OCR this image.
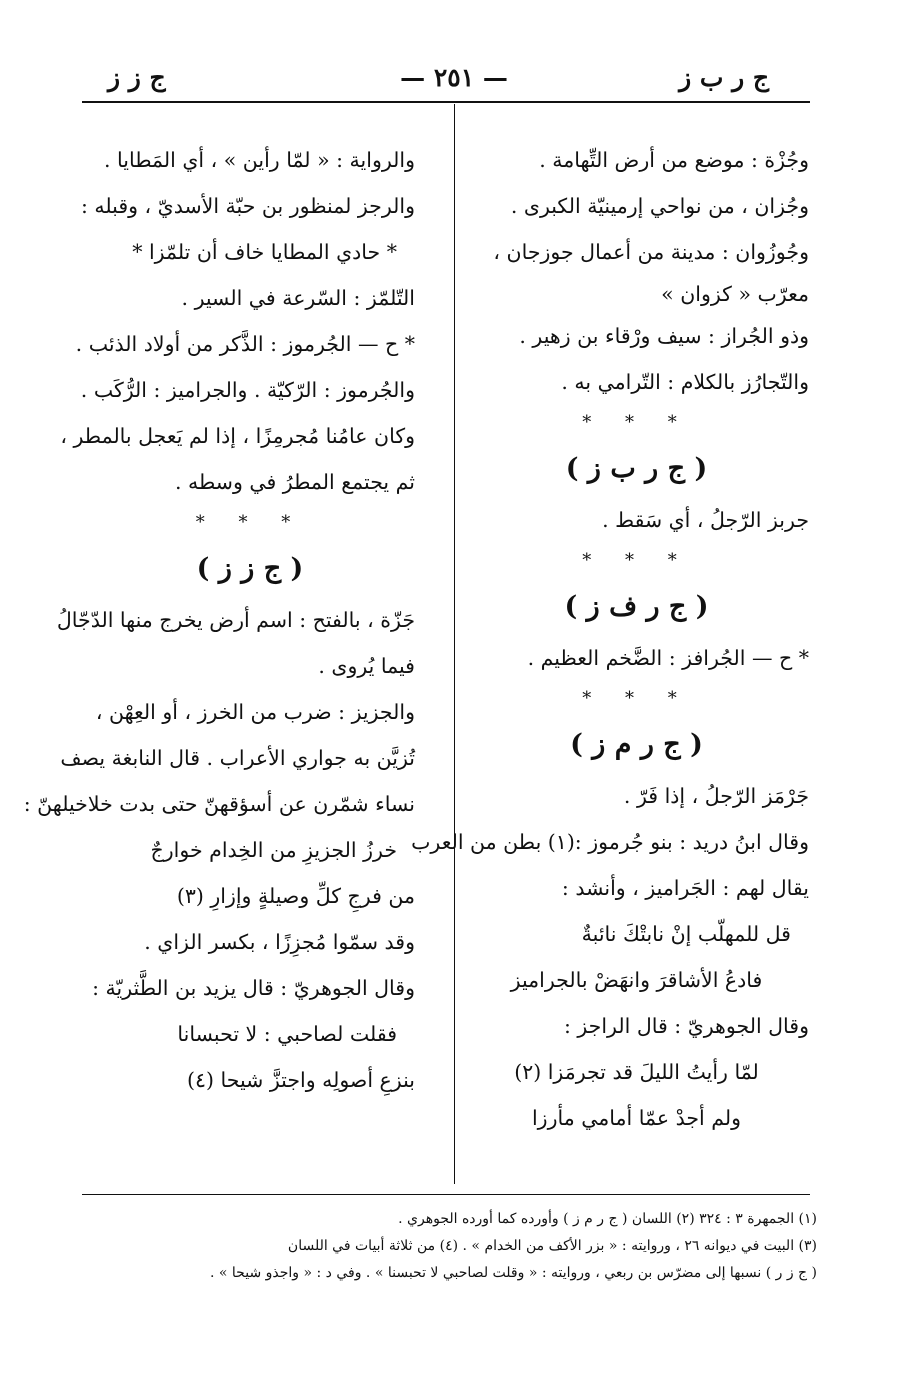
ج ر ب ز
— ٢٥١ —
ج ز ز
وجُزْة : موضع من أرض التِّهامة .
وجُزان ، من نواحي إرمينيّة الكبرى .
وجُوزُوان : مدينة من أعمال جوزجان ،
معرّب « كزوان »
وذو الجُراز : سيف ورْقاء بن زهير .
والتّجارُز بالكلام : التّرامي به .
* * *
( ج ر ب ز )
جربز الرّجلُ ، أي سَقط .
* * *
( ج ر ف ز )
* ح — الجُرافز : الضَّخم العظيم .
* * *
( ج ر م ز )
جَرْمَز الرّجلُ ، إذا فَرّ .
وقال ابنُ دريد : بنو جُرموز :(١) بطن من العرب
يقال لهم : الجَراميز ، وأنشد :
قل للمهلّب إنْ نابتْكَ نائبةٌ
فادعُ الأشاقرَ وانهَضْ بالجراميز
وقال الجوهريّ : قال الراجز :
لمّا رأيتُ الليلَ قد تجرمَزا (٢)
ولم أجدْ عمّا أمامي مأرزا
والرواية : « لمّا رأين » ، أي المَطايا .
والرجز لمنظور بن حبّة الأسديّ ، وقبله :
* حادي المطايا خاف أن تلمّزا *
التّلمّز : السّرعة في السير .
* ح — الجُرموز : الذَّكر من أولاد الذئب .
والجُرموز : الرّكيّة . والجراميز : الرُّكَب .
وكان عامُنا مُجرمِزًا ، إذا لم يَعجل بالمطر ،
ثم يجتمع المطرُ في وسطه .
* * *
( ج ز ز )
جَزّة ، بالفتح : اسم أرض يخرج منها الدّجّالُ
فيما يُروى .
والجزيز : ضرب من الخرز ، أو العِهْن ،
تُزيَّن به جواري الأعراب . قال النابغة يصف
نساء شمّرن عن أسؤقهنّ حتى بدت خلاخيلهنّ :
خرزُ الجزيزِ من الخِدام خوارجٌ
من فرجِ كلِّ وصيلةٍ وإزارِ (٣)
وقد سمّوا مُجزِزًا ، بكسر الزاي .
وقال الجوهريّ : قال يزيد بن الطَّثريّة :
فقلت لصاحبي : لا تحبسانا
بنزعِ أصولِه واجتزَّ شيحا (٤)
(١) الجمهرة ٣ : ٣٢٤ (٢) اللسان ( ج ر م ز ) وأورده كما أورده الجوهري .
(٣) البيت في ديوانه ٢٦ ، وروايته : « بزر الأكف من الخدام » . (٤) من ثلاثة أبيات في اللسان
( ج ز ر ) نسبها إلى مضرّس بن ربعي ، وروايته : « وقلت لصاحبي لا تحبسنا » . وفي د : « واجذو شيحا » .
